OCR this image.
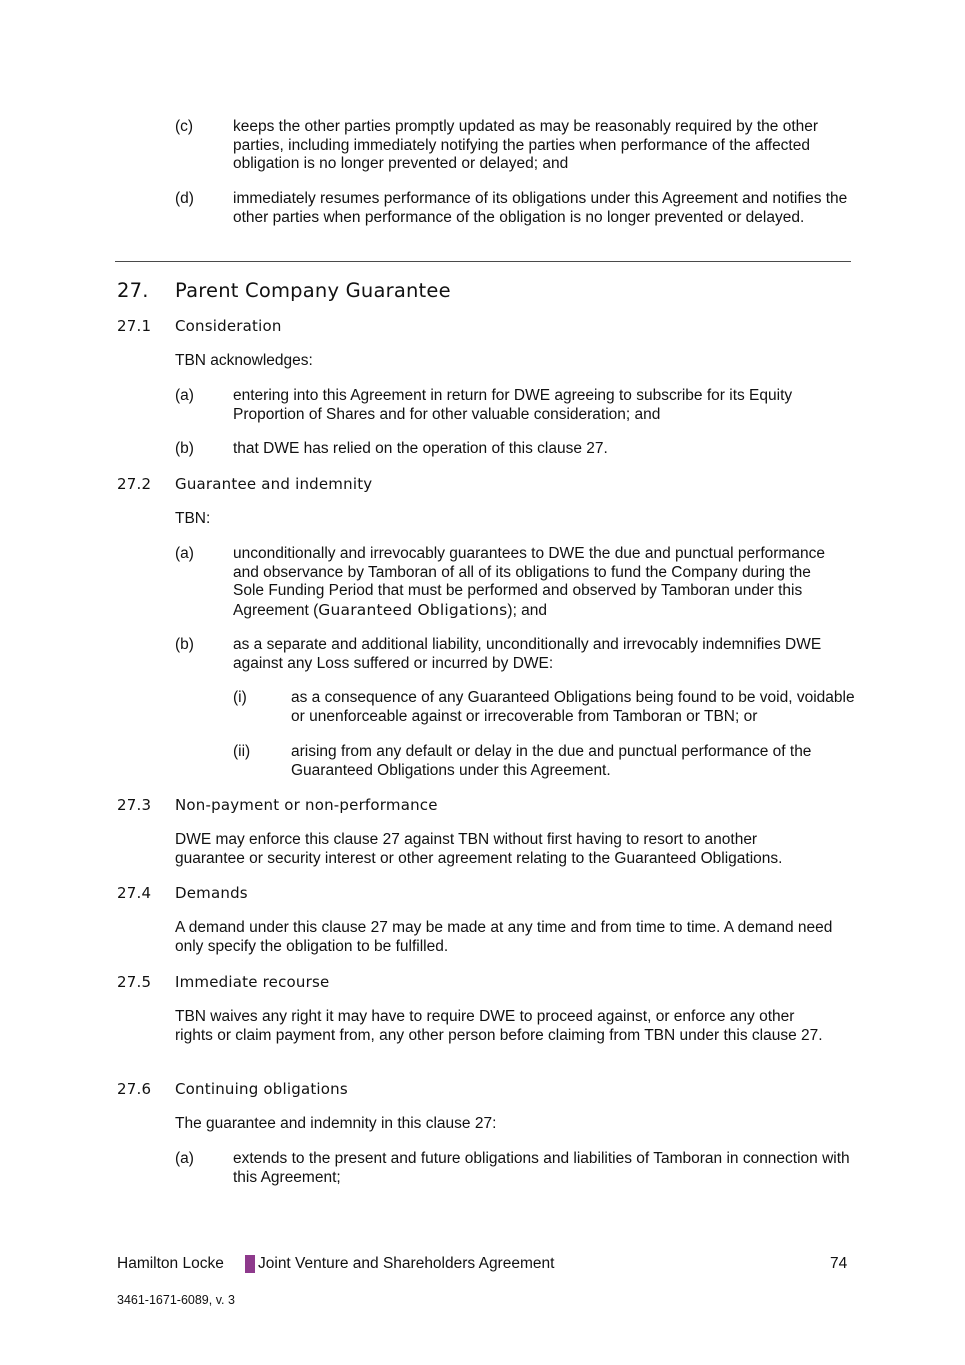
(c)	keeps the other parties promptly updated as may be reasonably required by the other parties, including immediately notifying the parties when performance of the affected obligation is no longer prevented or delayed; and
(d)	immediately resumes performance of its obligations under this Agreement and notifies the other parties when performance of the obligation is no longer prevented or delayed.
27. Parent Company Guarantee
27.1 Consideration
TBN acknowledges:
(a)	entering into this Agreement in return for DWE agreeing to subscribe for its Equity Proportion of Shares and for other valuable consideration; and
(b)	that DWE has relied on the operation of this clause 27.
27.2 Guarantee and indemnity
TBN:
(a)	unconditionally and irrevocably guarantees to DWE the due and punctual performance and observance by Tamboran of all of its obligations to fund the Company during the Sole Funding Period that must be performed and observed by Tamboran under this Agreement (Guaranteed Obligations); and
(b)	as a separate and additional liability, unconditionally and irrevocably indemnifies DWE against any Loss suffered or incurred by DWE:
(i)	as a consequence of any Guaranteed Obligations being found to be void, voidable or unenforceable against or irrecoverable from Tamboran or TBN; or
(ii)	arising from any default or delay in the due and punctual performance of the Guaranteed Obligations under this Agreement.
27.3 Non-payment or non-performance
DWE may enforce this clause 27 against TBN without first having to resort to another guarantee or security interest or other agreement relating to the Guaranteed Obligations.
27.4 Demands
A demand under this clause 27 may be made at any time and from time to time. A demand need only specify the obligation to be fulfilled.
27.5 Immediate recourse
TBN waives any right it may have to require DWE to proceed against, or enforce any other rights or claim payment from, any other person before claiming from TBN under this clause 27.
27.6 Continuing obligations
The guarantee and indemnity in this clause 27:
(a)	extends to the present and future obligations and liabilities of Tamboran in connection with this Agreement;
Hamilton Locke Joint Venture and Shareholders Agreement	74
3461-1671-6089, v. 3
